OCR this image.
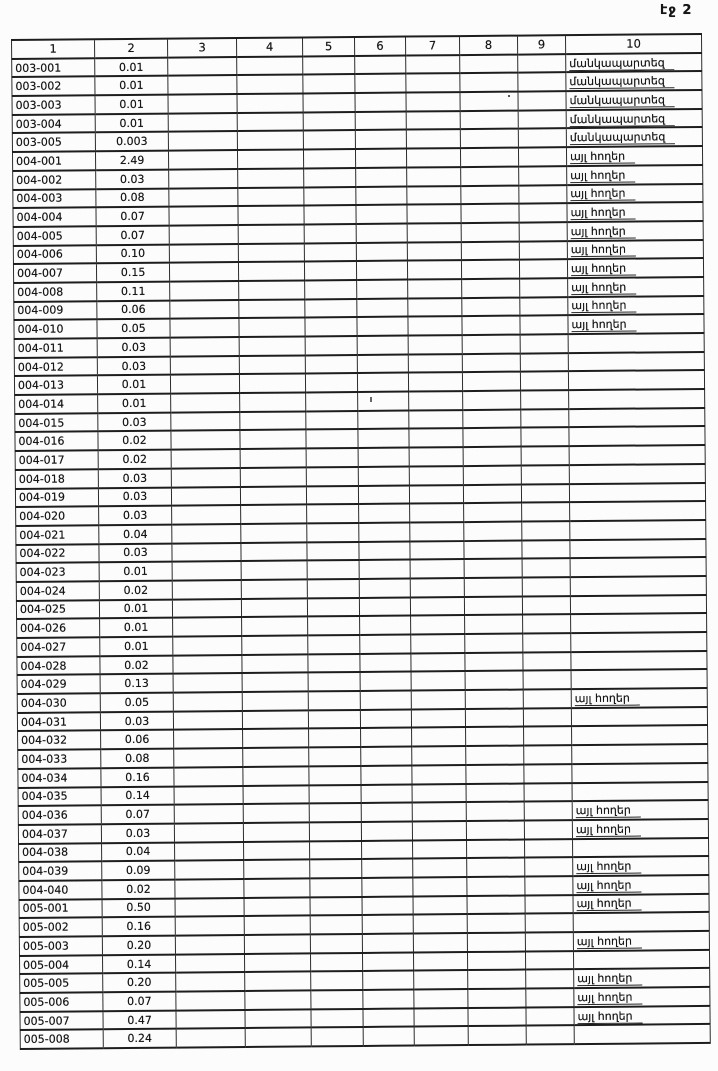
էջ 2
1	2	3	4	5	6	7	8	9	10
003-001	0.01								մանկապարտեզ
003-002	0.01								մանկապարտեզ
003-003	0.01								մանկապարտեզ
003-004	0.01								մանկապարտեզ
003-005	0.003								մանկապարտեզ
004-001	2.49								այլ հողեր
004-002	0.03								այլ հողեր
004-003	0.08								այլ հողեր
004-004	0.07								այլ հողեր
004-005	0.07								այլ հողեր
004-006	0.10								այլ հողեր
004-007	0.15								այլ հողեր
004-008	0.11								այլ հողեր
004-009	0.06								այլ հողեր
004-010	0.05								այլ հողեր
004-011	0.03								
004-012	0.03								
004-013	0.01								
004-014	0.01								
004-015	0.03								
004-016	0.02								
004-017	0.02								
004-018	0.03								
004-019	0.03								
004-020	0.03								
004-021	0.04								
004-022	0.03								
004-023	0.01								
004-024	0.02								
004-025	0.01								
004-026	0.01								
004-027	0.01								
004-028	0.02								
004-029	0.13								
004-030	0.05								այլ հողեր
004-031	0.03								
004-032	0.06								
004-033	0.08								
004-034	0.16								
004-035	0.14								
004-036	0.07								այլ հողեր
004-037	0.03								այլ հողեր
004-038	0.04								
004-039	0.09								այլ հողեր
004-040	0.02								այլ հողեր
005-001	0.50								այլ հողեր
005-002	0.16								
005-003	0.20								այլ հողեր
005-004	0.14								
005-005	0.20								այլ հողեր
005-006	0.07								այլ հողեր
005-007	0.47								այլ հողեր
005-008	0.24								
